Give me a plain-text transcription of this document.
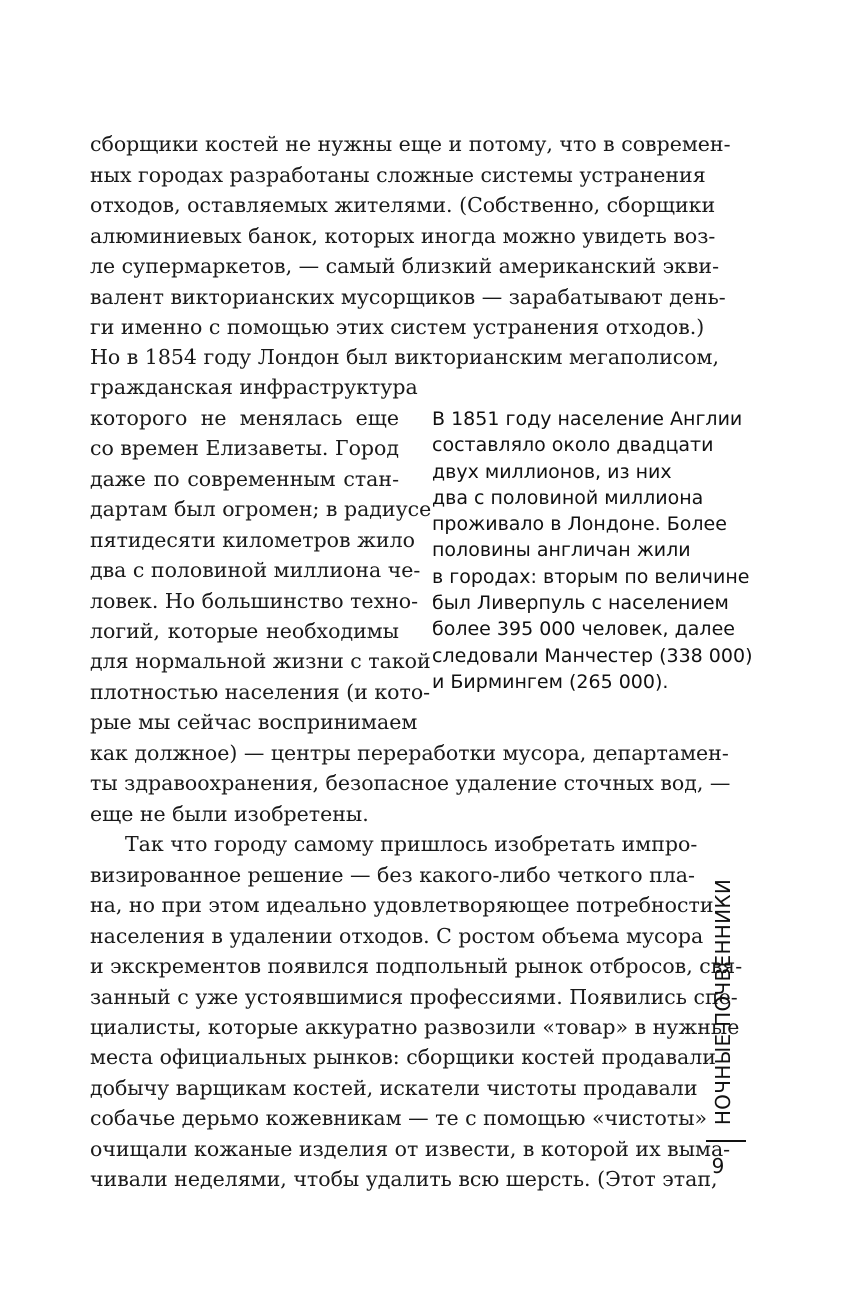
сборщики костей не нужны еще и потому, что в современ-
ных городах разработаны сложные системы устранения
отходов, оставляемых жителями. (Собственно, сборщики
алюминиевых банок, которых иногда можно увидеть воз-
ле супермаркетов, — самый близкий американский экви-
валент викторианских мусорщиков — зарабатывают день-
ги именно с помощью этих систем устранения отходов.)
Но в 1854 году Лондон был викторианским мегаполисом,
гражданская инфраструктура
которого не менялась еще
со времен Елизаветы. Город
даже по современным стан-
дартам был огромен; в радиусе
пятидесяти километров жило
два с половиной миллиона че-
ловек. Но большинство техно-
логий, которые необходимы
для нормальной жизни с такой
плотностью населения (и кото-
рые мы сейчас воспринимаем
как должное) — центры переработки мусора, департамен-
ты здравоохранения, безопасное удаление сточных вод, —
еще не были изобретены.
Так что городу самому пришлось изобретать импро-
визированное решение — без какого-либо четкого пла-
на, но при этом идеально удовлетворяющее потребности
населения в удалении отходов. С ростом объема мусора
и экскрементов появился подпольный рынок отбросов, свя-
занный с уже устоявшимися профессиями. Появились спе-
циалисты, которые аккуратно развозили «товар» в нужные
места официальных рынков: сборщики костей продавали
добычу варщикам костей, искатели чистоты продавали
собачье дерьмо кожевникам — те с помощью «чистоты»
очищали кожаные изделия от извести, в которой их выма-
чивали неделями, чтобы удалить всю шерсть. (Этот этап,
В 1851 году население Англии
составляло около двадцати
двух миллионов, из них
два с половиной миллиона
проживало в Лондоне. Более
половины англичан жили
в городах: вторым по величине
был Ливерпуль с населением
более 395 000 человек, далее
следовали Манчестер (338 000)
и Бирмингем (265 000).
НОЧНЫЕ ПОЧВЕННИКИ
9
